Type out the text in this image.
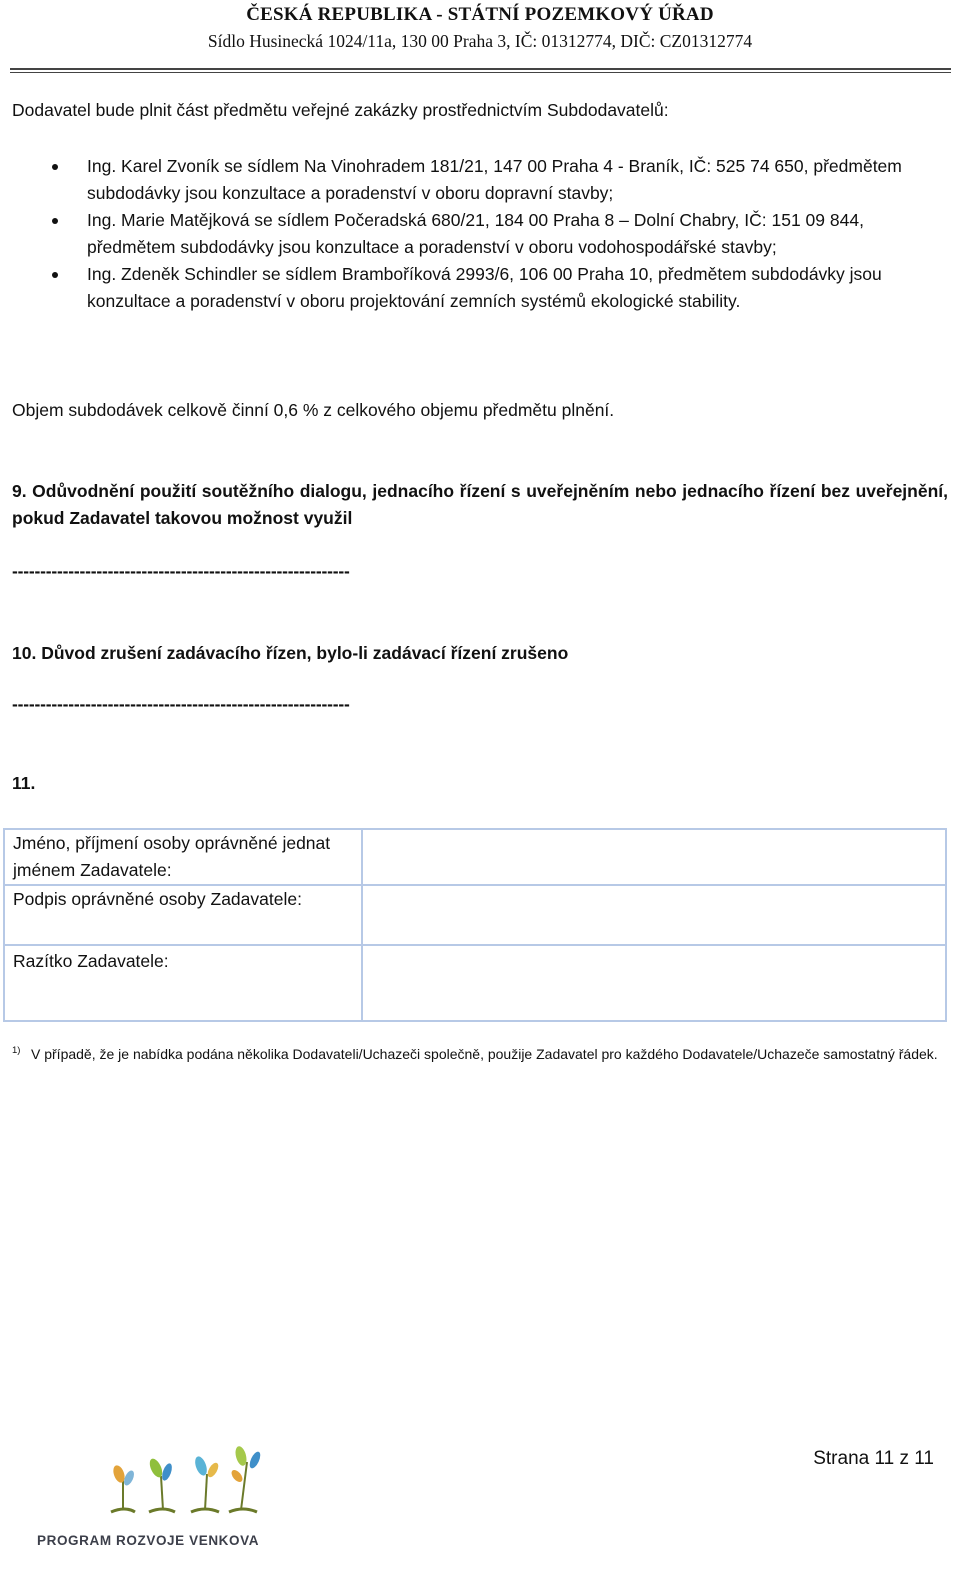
ČESKÁ REPUBLIKA - STÁTNÍ POZEMKOVÝ ÚŘAD
Sídlo Husinecká 1024/11a, 130 00 Praha 3, IČ: 01312774, DIČ: CZ01312774

Dodavatel bude plnit část předmětu veřejné zakázky prostřednictvím Subdodavatelů:

Ing. Karel Zvoník se sídlem Na Vinohradem 181/21, 147 00 Praha 4 - Braník, IČ: 525 74 650, předmětem subdodávky jsou konzultace a poradenství v oboru dopravní stavby;
Ing. Marie Matějková se sídlem Počeradská 680/21, 184 00 Praha 8 – Dolní Chabry, IČ: 151 09 844, předmětem subdodávky jsou konzultace a poradenství v oboru vodohospodářské stavby;
Ing. Zdeněk Schindler se sídlem Bramboříková 2993/6, 106 00 Praha 10, předmětem subdodávky jsou konzultace a poradenství v oboru projektování zemních systémů ekologické stability.

Objem subdodávek celkově činní 0,6 % z celkového objemu předmětu plnění.

9. Odůvodnění použití soutěžního dialogu, jednacího řízení s uveřejněním nebo jednacího řízení bez uveřejnění, pokud Zadavatel takovou možnost využil

------------------------------------------------------------

10. Důvod zrušení zadávacího řízen, bylo-li zadávací řízení zrušeno

------------------------------------------------------------

11.

Jméno, příjmení osoby oprávněné jednat jménem Zadavatele:	
Podpis oprávněné osoby Zadavatele:	
Razítko Zadavatele:	
1) V případě, že je nabídka podána několika Dodavateli/Uchazeči společně, použije Zadavatel pro každého Dodavatele/Uchazeče samostatný řádek.
Strana 11 z 11
PROGRAM ROZVOJE VENKOVA
